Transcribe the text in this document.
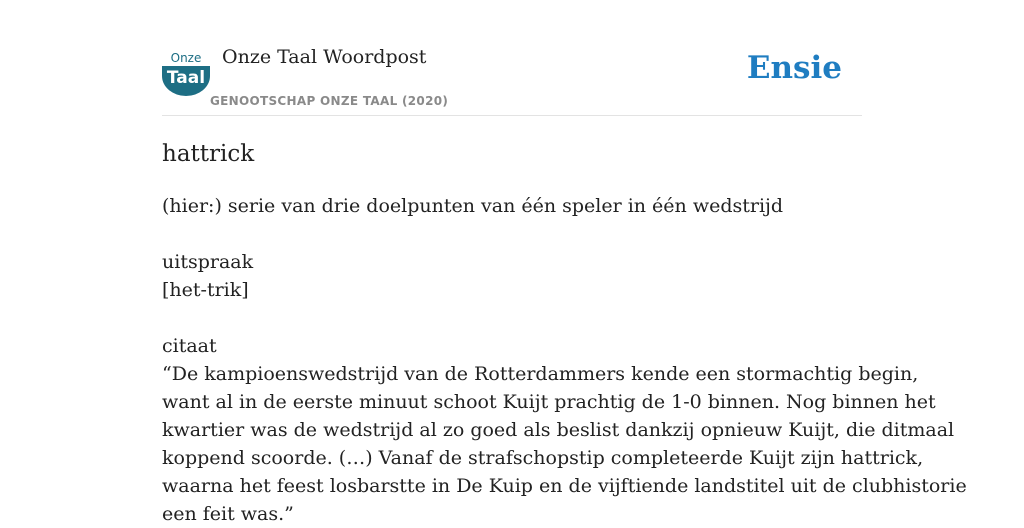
Onze
Taal
Onze Taal Woordpost
GENOOTSCHAP ONZE TAAL (2020)
Ensie
hattrick

(hier:) serie van drie doelpunten van één speler in één wedstrijd

uitspraak

[het-trik]

citaat

“De kampioenswedstrijd van de Rotterdammers kende een stormachtig begin,

want al in de eerste minuut schoot Kuijt prachtig de 1-0 binnen. Nog binnen het

kwartier was de wedstrijd al zo goed als beslist dankzij opnieuw Kuijt, die ditmaal

koppend scoorde. (…) Vanaf de strafschopstip completeerde Kuijt zijn hattrick,

waarna het feest losbarstte in De Kuip en de vijftiende landstitel uit de clubhistorie

een feit was.”
